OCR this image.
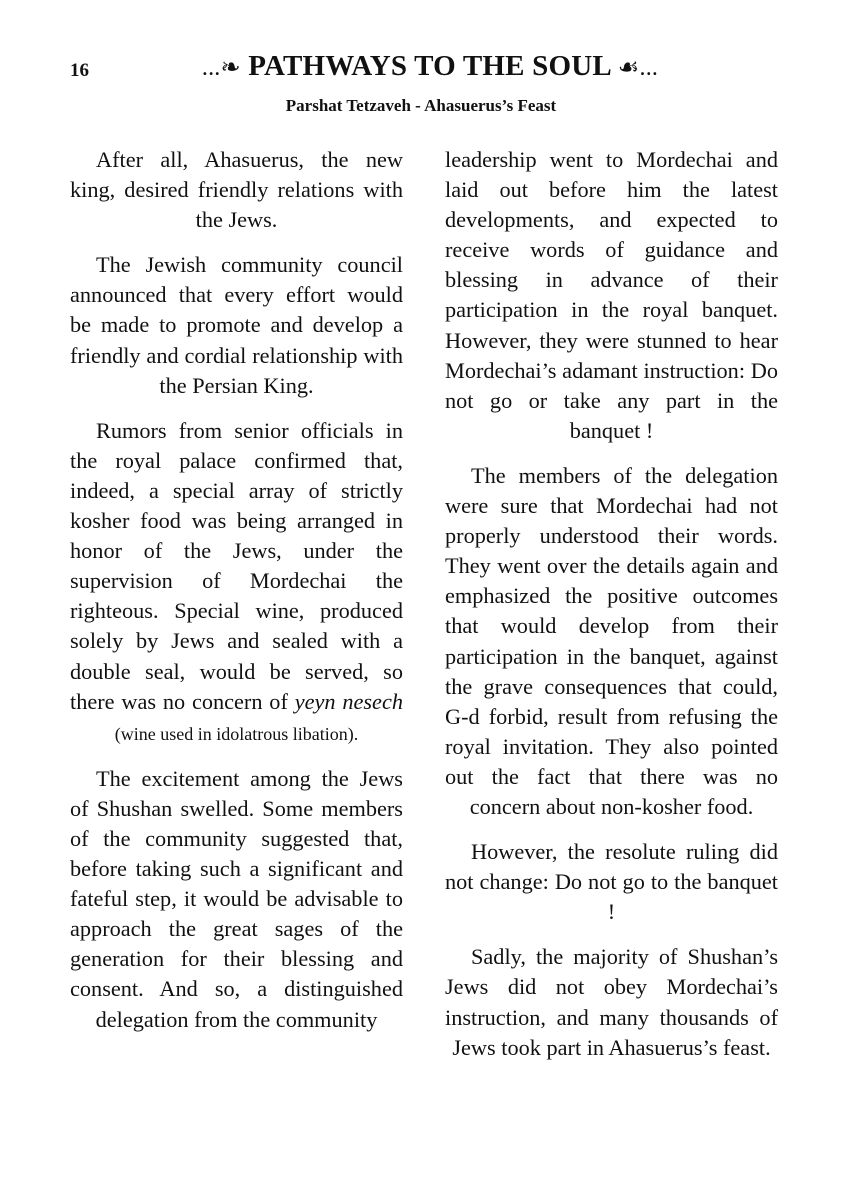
16	...❧ PATHWAYS TO THE SOUL ☙...
Parshat Tetzaveh - Ahasuerus’s Feast

After all, Ahasuerus, the new king, desired friendly relations with the Jews.

The Jewish community council announced that every effort would be made to promote and develop a friendly and cordial relationship with the Persian King.

Rumors from senior officials in the royal palace confirmed that, indeed, a special array of strictly kosher food was being arranged in honor of the Jews, under the supervision of Mordechai the righteous. Special wine, produced solely by Jews and sealed with a double seal, would be served, so there was no concern of yeyn nesech (wine used in idolatrous libation).

The excitement among the Jews of Shushan swelled. Some members of the community suggested that, before taking such a significant and fateful step, it would be advisable to approach the great sages of the generation for their blessing and consent. And so, a distinguished delegation from the community

leadership went to Mordechai and laid out before him the latest developments, and expected to receive words of guidance and blessing in advance of their participation in the royal banquet. However, they were stunned to hear Mordechai’s adamant instruction: Do not go or take any part in the banquet !

The members of the delegation were sure that Mordechai had not properly understood their words. They went over the details again and emphasized the positive outcomes that would develop from their participation in the banquet, against the grave consequences that could, G-d forbid, result from refusing the royal invitation. They also pointed out the fact that there was no concern about non-kosher food.

However, the resolute ruling did not change: Do not go to the banquet !

Sadly, the majority of Shushan’s Jews did not obey Mordechai’s instruction, and many thousands of Jews took part in Ahasuerus’s feast.
